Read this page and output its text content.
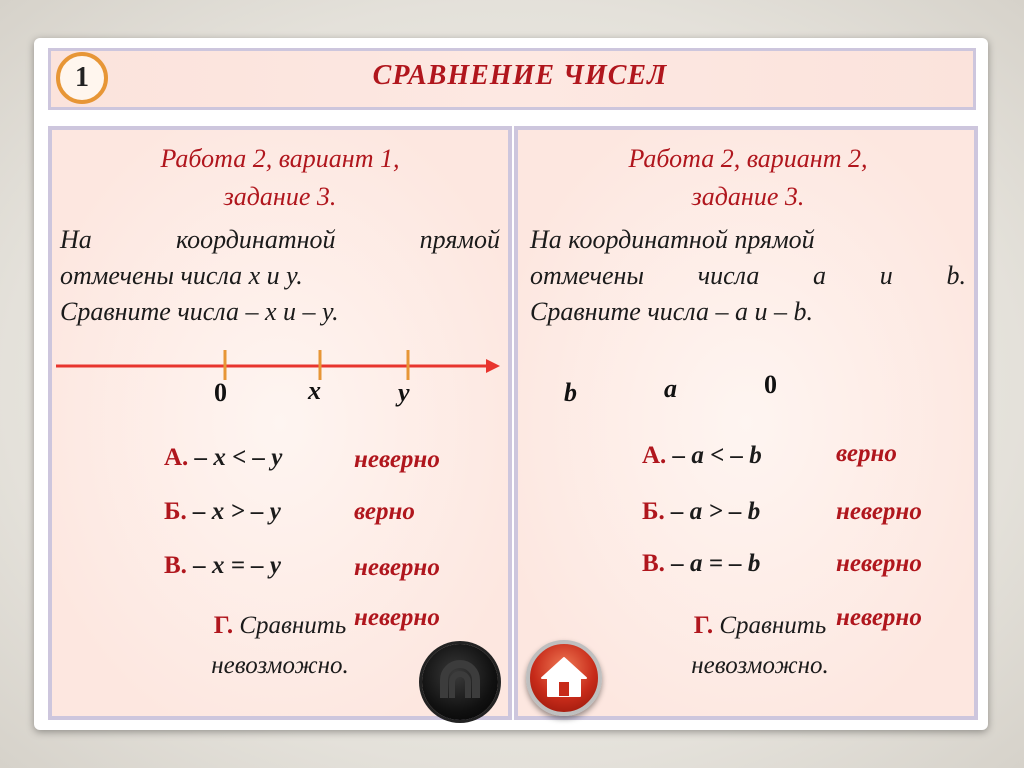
1	СРАВНЕНИЕ ЧИСЕЛ
Работа 2, вариант 1,
задание 3.
На координатной прямой
отмечены числа x и y.
Сравните числа – x и – y.
0	x	y
А. – x < – y	неверно
Б. – x > – y	верно
В. – x = – y	неверно
Г. Сравнить
невозможно.
неверно
Работа 2, вариант 2,
задание 3.
На координатной прямой
отмечены числа a и b.
Сравните числа – a и – b.
b	a	0
А. – a < – b	верно
Б. – a > – b	неверно
В. – a = – b	неверно
Г. Сравнить
невозможно.
неверно
